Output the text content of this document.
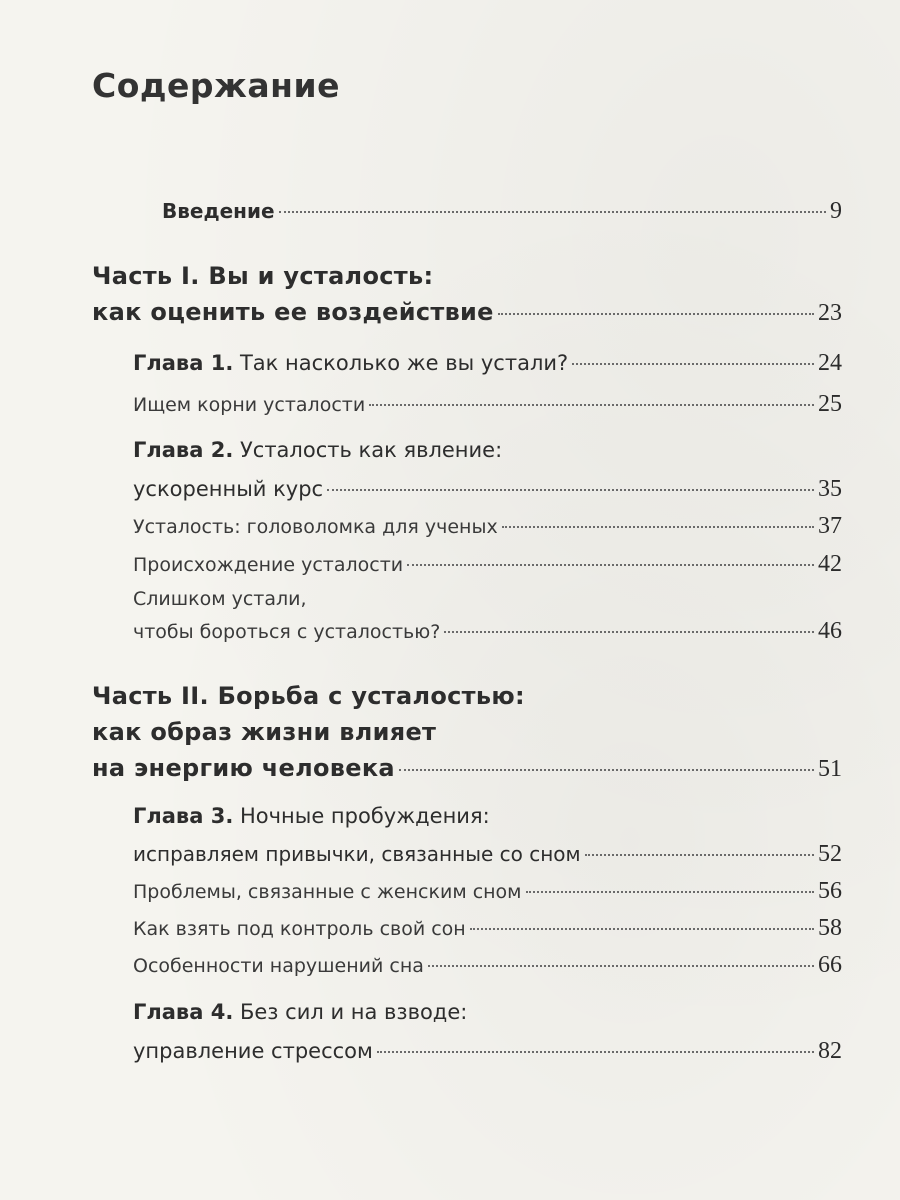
Содержание
Введение	9
Часть I. Вы и усталость:
как оценить ее воздействие	23
Глава 1. Так насколько же вы устали?	24
Ищем корни усталости	25
Глава 2. Усталость как явление:
ускоренный курс	35
Усталость: головоломка для ученых	37
Происхождение усталости	42
Слишком устали,
чтобы бороться с усталостью?	46
Часть II. Борьба с усталостью:
как образ жизни влияет
на энергию человека	51
Глава 3. Ночные пробуждения:
исправляем привычки, связанные со сном	52
Проблемы, связанные с женским сном	56
Как взять под контроль свой сон	58
Особенности нарушений сна	66
Глава 4. Без сил и на взводе:
управление стрессом	82
